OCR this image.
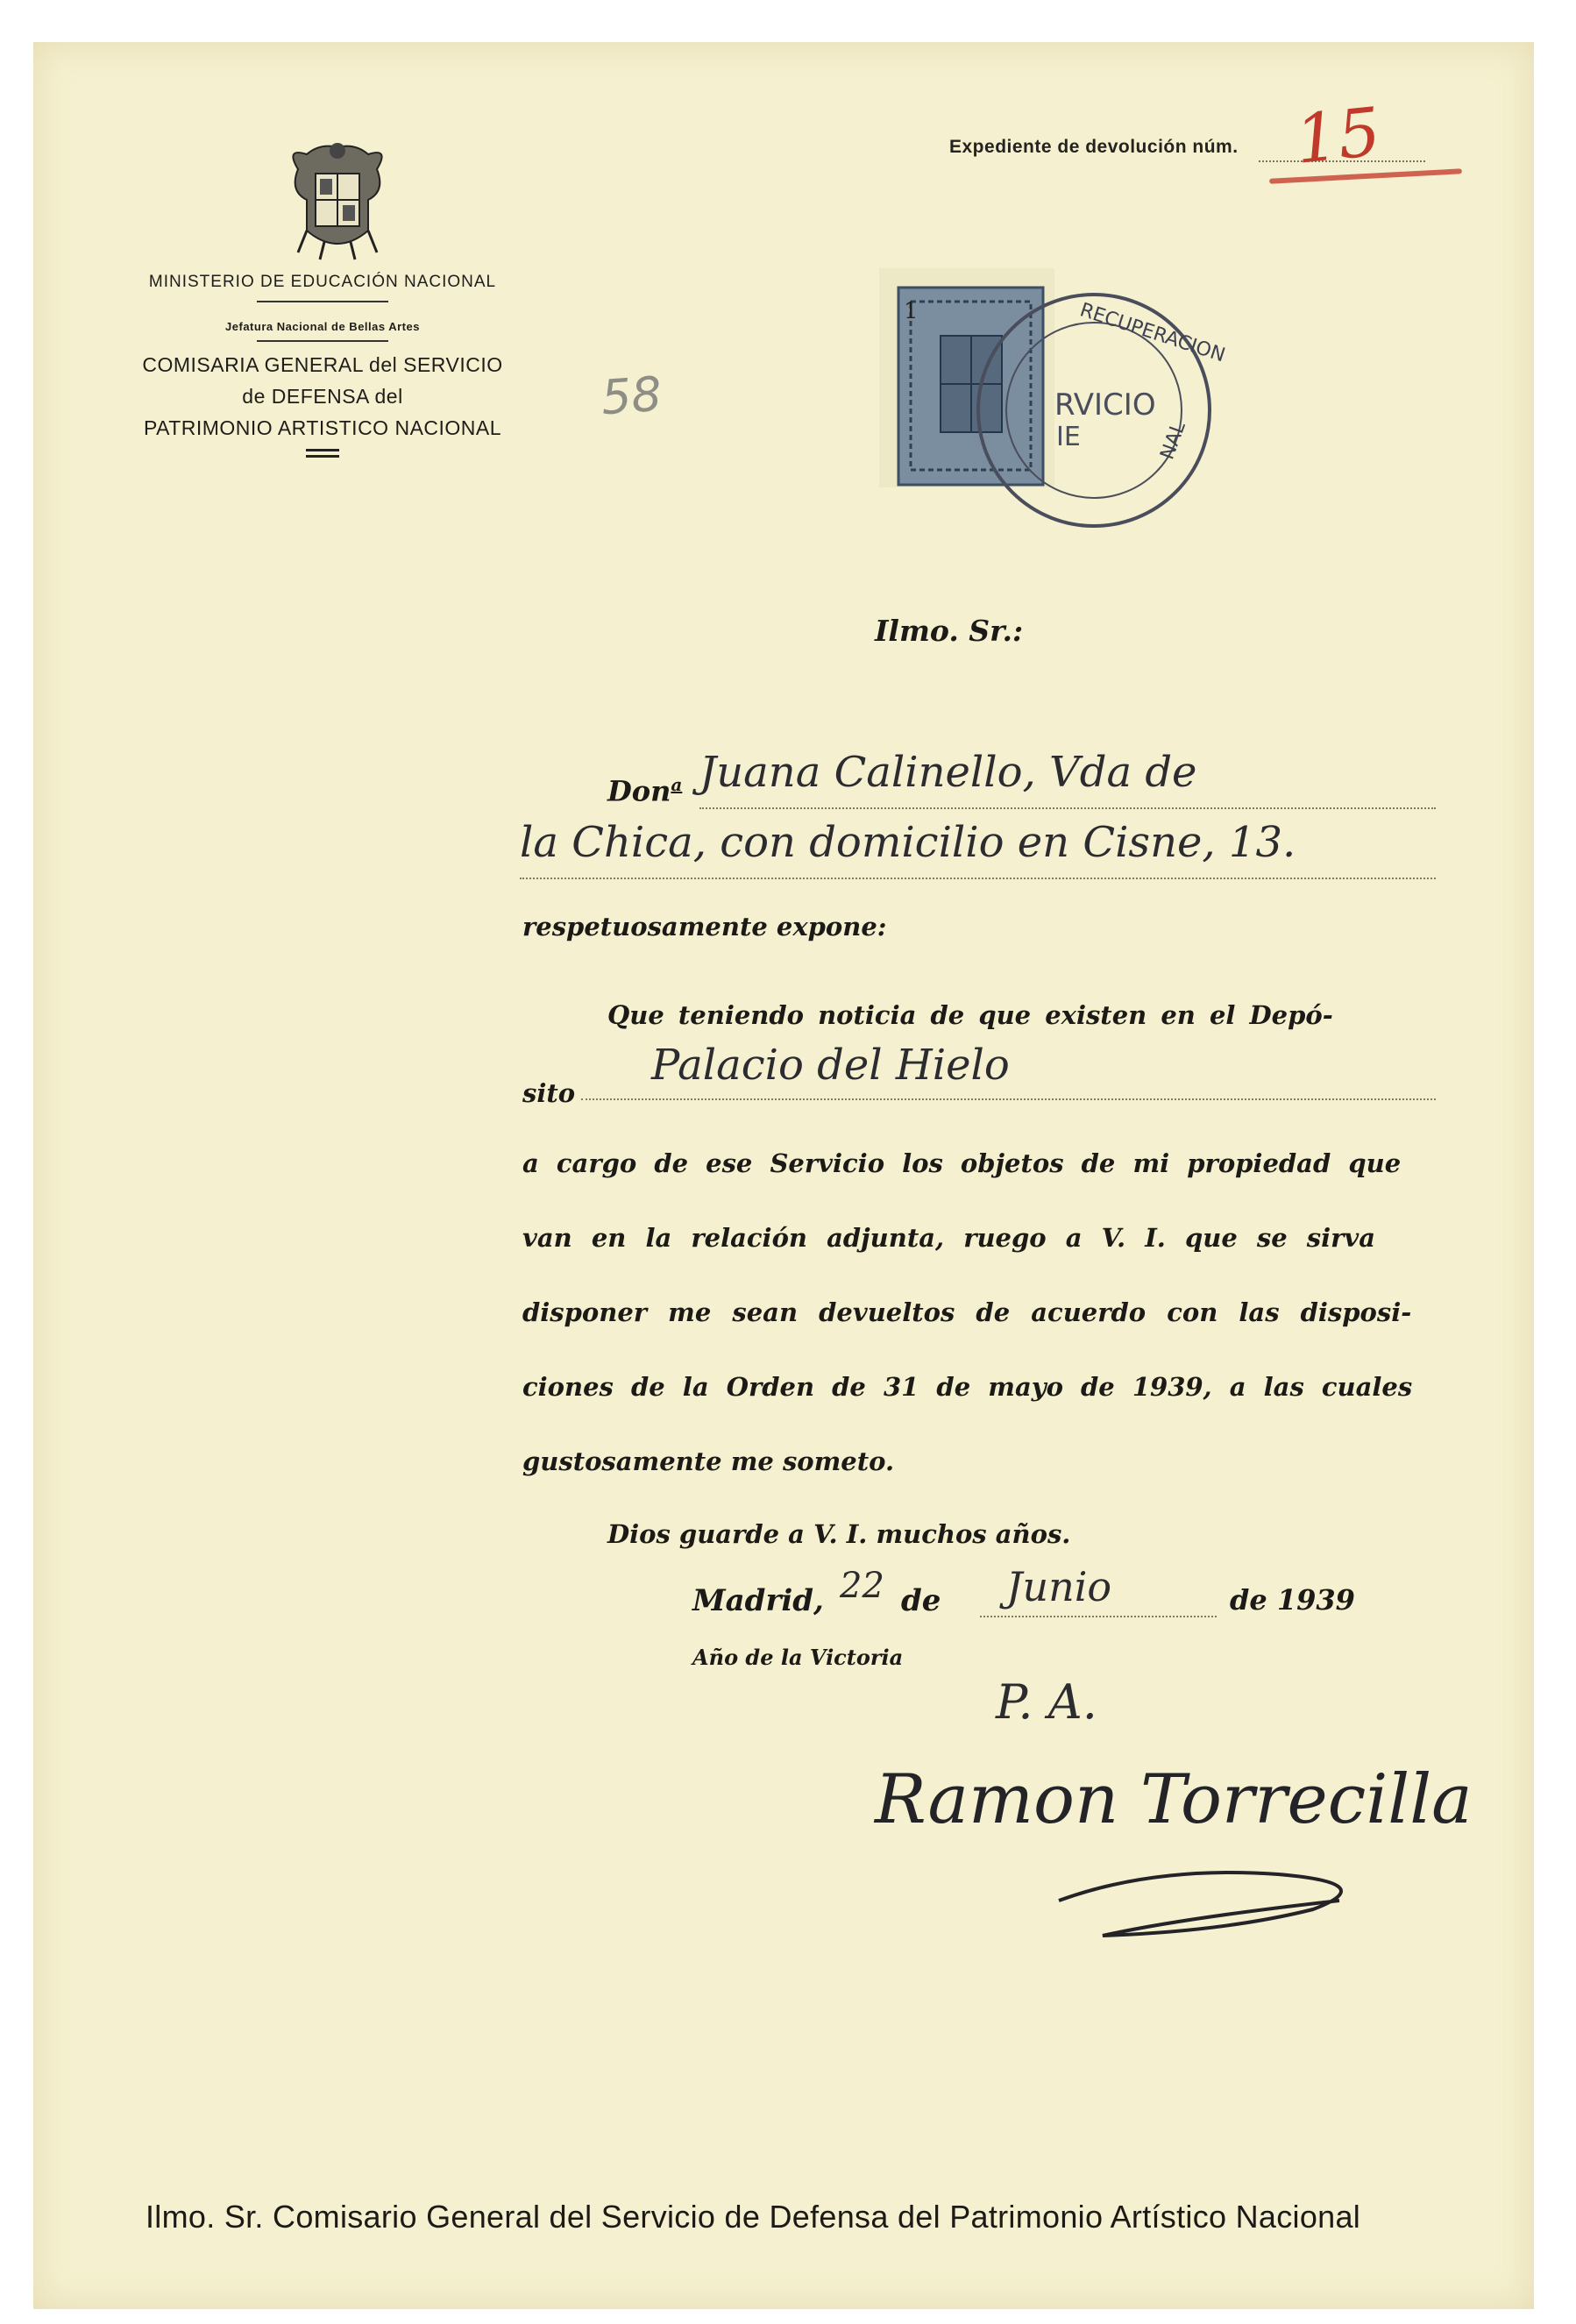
MINISTERIO DE EDUCACIÓN NACIONAL
Jefatura Nacional de Bellas Artes
COMISARIA GENERAL del SERVICIO
de DEFENSA del
PATRIMONIO ARTISTICO NACIONAL
Expediente de devolución núm. 15
58
1	RECUPERACION
NAL
RVICIO
IE
Ilmo. Sr.:
Don$^a$ Juana Calinello, Vda de
la Chica, con domicilio en Cisne, 13.
respetuosamente expone:
Que teniendo noticia de que existen en el Depó-
sito
Palacio del Hielo
a cargo de ese Servicio los objetos de mi propiedad que
van en la relación adjunta, ruego a V. I. que se sirva
disponer me sean devueltos de acuerdo con las disposi-
ciones de la Orden de 31 de mayo de 1939, a las cuales
gustosamente me someto.
Dios guarde a V. I. muchos años.
Madrid, 22 de Junio	de 1939
Año de la Victoria
P. A.
Ramon Torrecilla
Ilmo. Sr. Comisario General del Servicio de Defensa del Patrimonio Artístico Nacional
